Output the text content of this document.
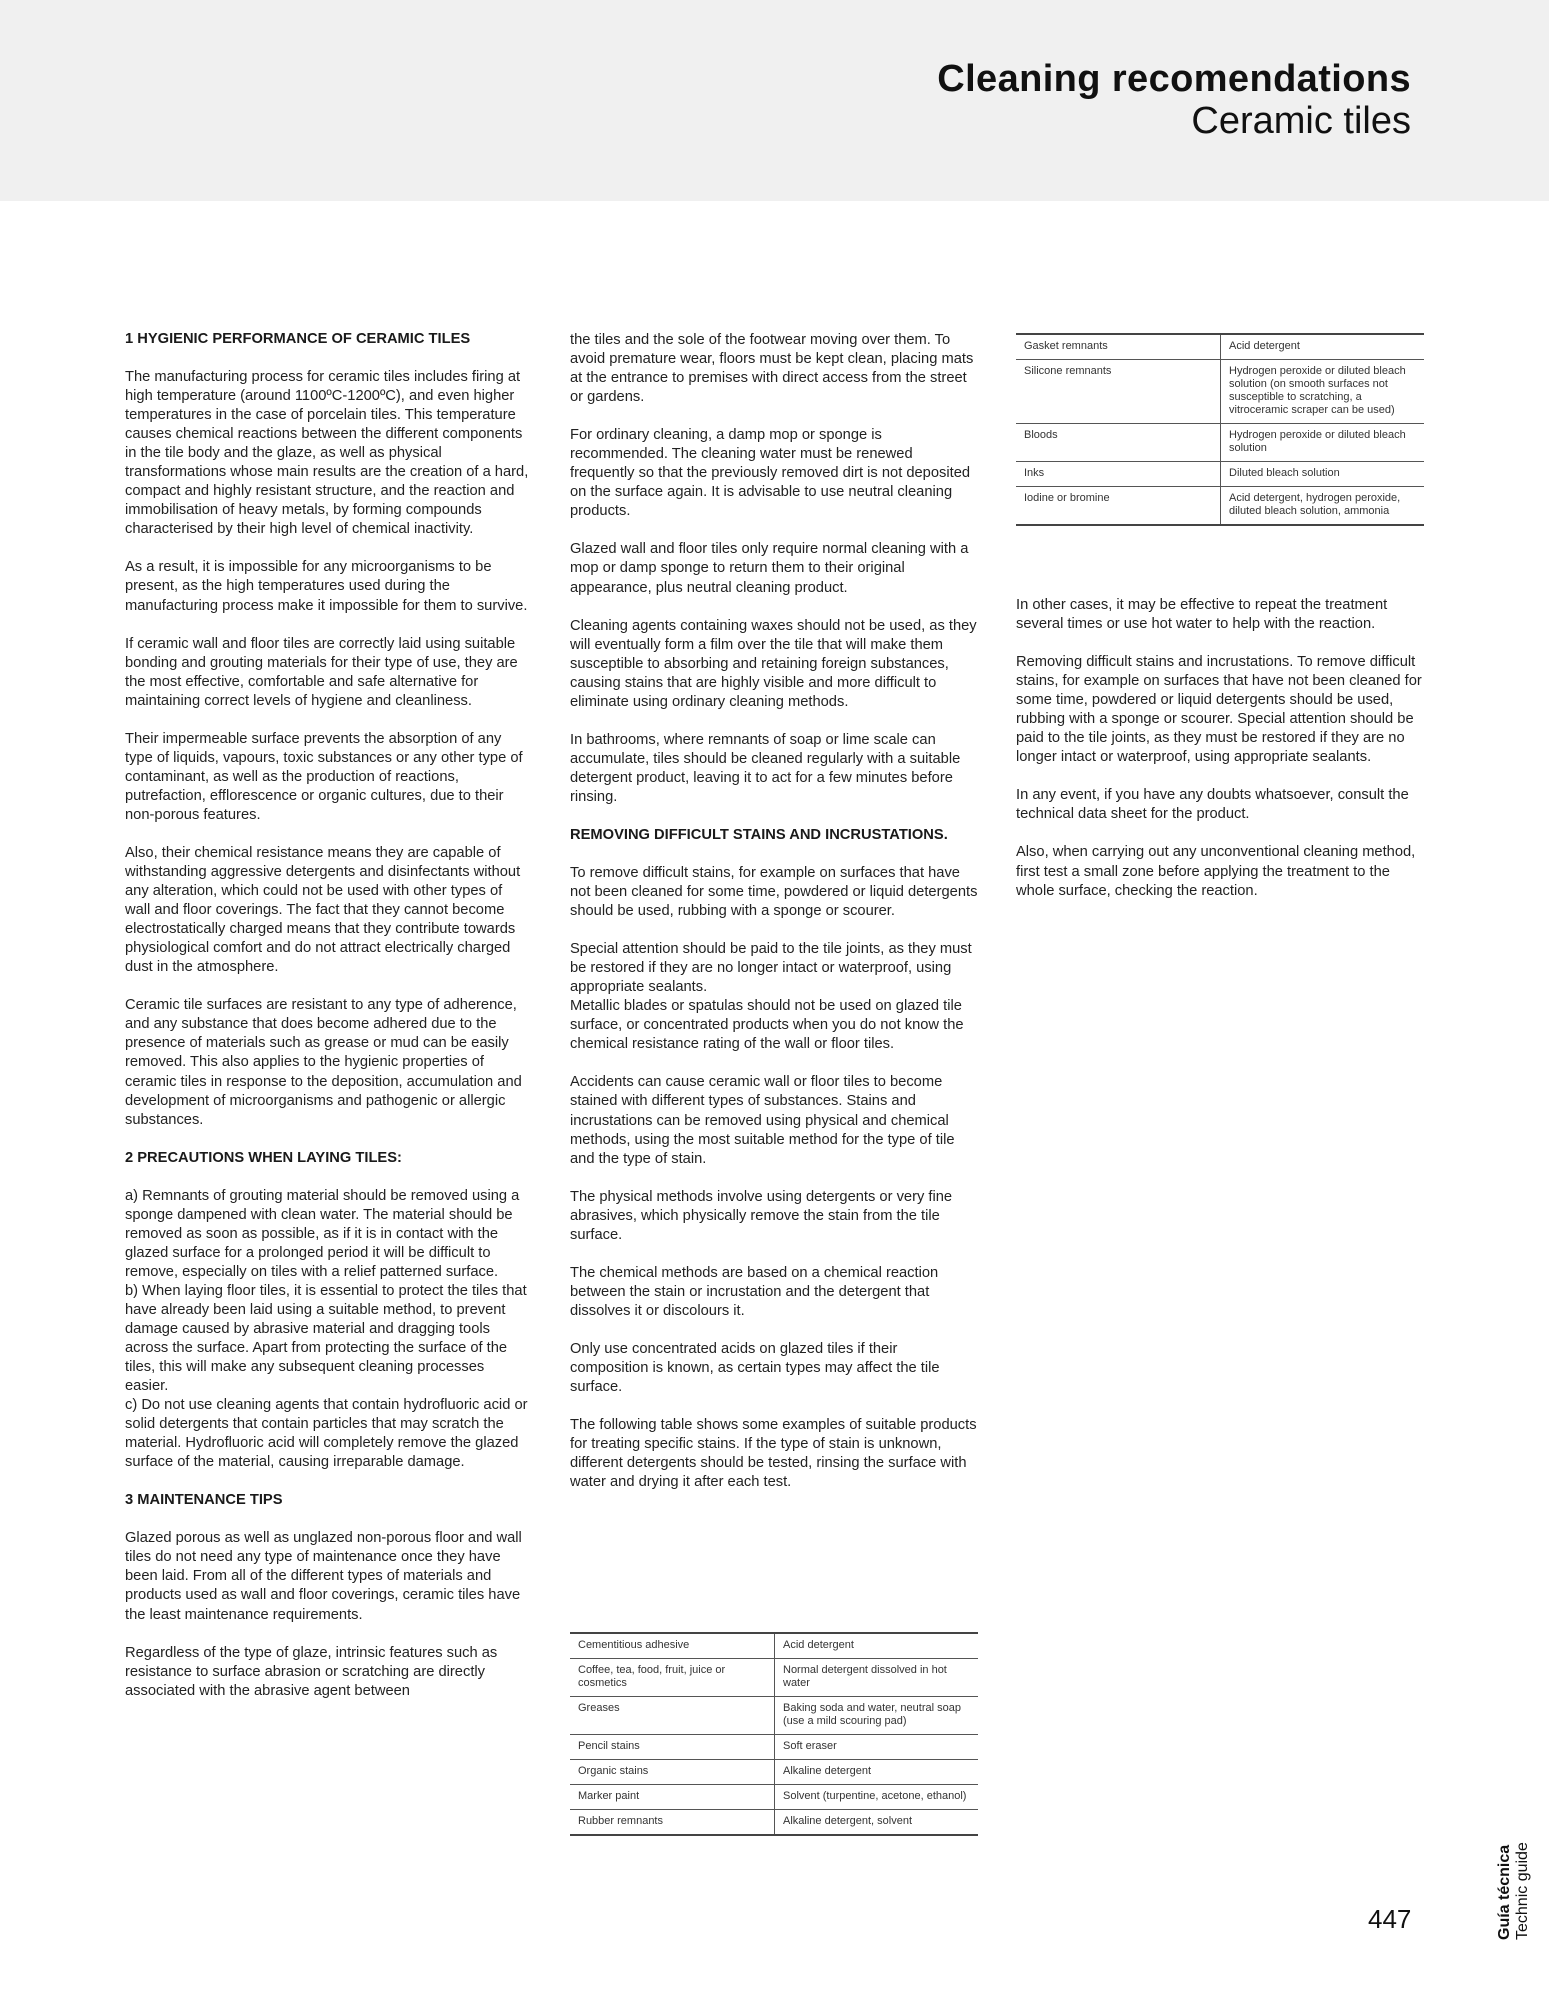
Cleaning recomendations
Ceramic tiles
1 HYGIENIC PERFORMANCE OF CERAMIC TILES

The manufacturing process for ceramic tiles includes firing at high temperature (around 1100ºC-1200ºC), and even higher temperatures in the case of porcelain tiles. This temperature causes chemical reactions between the different components in the tile body and the glaze, as well as physical transformations whose main results are the creation of a hard, compact and highly resistant structure, and the reaction and immobilisation of heavy metals, by forming compounds characterised by their high level of chemical inactivity.

As a result, it is impossible for any microorganisms to be present, as the high temperatures used during the manufacturing process make it impossible for them to survive.

If ceramic wall and floor tiles are correctly laid using suitable bonding and grouting materials for their type of use, they are the most effective, comfortable and safe alternative for maintaining correct levels of hygiene and cleanliness.

Their impermeable surface prevents the absorption of any type of liquids, vapours, toxic substances or any other type of contaminant, as well as the production of reactions, putrefaction, efflorescence or organic cultures, due to their non-porous features.

Also, their chemical resistance means they are capable of withstanding aggressive detergents and disinfectants without any alteration, which could not be used with other types of wall and floor coverings. The fact that they cannot become electrostatically charged means that they contribute towards physiological comfort and do not attract electrically charged dust in the atmosphere.

Ceramic tile surfaces are resistant to any type of adherence, and any substance that does become adhered due to the presence of materials such as grease or mud can be easily removed. This also applies to the hygienic properties of ceramic tiles in response to the deposition, accumulation and development of microorganisms and pathogenic or allergic substances.

2 PRECAUTIONS WHEN LAYING TILES:

a) Remnants of grouting material should be removed using a sponge dampened with clean water. The material should be removed as soon as possible, as if it is in contact with the glazed surface for a prolonged period it will be difficult to remove, especially on tiles with a relief patterned surface.
b) When laying floor tiles, it is essential to protect the tiles that have already been laid using a suitable method, to prevent damage caused by abrasive material and dragging tools across the surface. Apart from protecting the surface of the tiles, this will make any subsequent cleaning processes easier.
c) Do not use cleaning agents that contain hydrofluoric acid or solid detergents that contain particles that may scratch the material. Hydrofluoric acid will completely remove the glazed surface of the material, causing irreparable damage.

3 MAINTENANCE TIPS

Glazed porous as well as unglazed non-porous floor and wall tiles do not need any type of maintenance once they have been laid. From all of the different types of materials and products used as wall and floor coverings, ceramic tiles have the least maintenance requirements.

Regardless of the type of glaze, intrinsic features such as resistance to surface abrasion or scratching are directly associated with the abrasive agent between

the tiles and the sole of the footwear moving over them. To avoid premature wear, floors must be kept clean, placing mats at the entrance to premises with direct access from the street or gardens.

For ordinary cleaning, a damp mop or sponge is recommended. The cleaning water must be renewed frequently so that the previously removed dirt is not deposited on the surface again. It is advisable to use neutral cleaning products.

Glazed wall and floor tiles only require normal cleaning with a mop or damp sponge to return them to their original appearance, plus neutral cleaning product.

Cleaning agents containing waxes should not be used, as they will eventually form a film over the tile that will make them susceptible to absorbing and retaining foreign substances, causing stains that are highly visible and more difficult to eliminate using ordinary cleaning methods.

In bathrooms, where remnants of soap or lime scale can accumulate, tiles should be cleaned regularly with a suitable detergent product, leaving it to act for a few minutes before rinsing.

REMOVING DIFFICULT STAINS AND INCRUSTATIONS.

To remove difficult stains, for example on surfaces that have not been cleaned for some time, powdered or liquid detergents should be used, rubbing with a sponge or scourer.

Special attention should be paid to the tile joints, as they must be restored if they are no longer intact or waterproof, using appropriate sealants.
Metallic blades or spatulas should not be used on glazed tile surface, or concentrated products when you do not know the chemical resistance rating of the wall or floor tiles.

Accidents can cause ceramic wall or floor tiles to become stained with different types of substances. Stains and incrustations can be removed using physical and chemical methods, using the most suitable method for the type of tile and the type of stain.

The physical methods involve using detergents or very fine abrasives, which physically remove the stain from the tile surface.

The chemical methods are based on a chemical reaction between the stain or incrustation and the detergent that dissolves it or discolours it.

Only use concentrated acids on glazed tiles if their composition is known, as certain types may affect the tile surface.

The following table shows some examples of suitable products for treating specific stains. If the type of stain is unknown, different detergents should be tested, rinsing the surface with water and drying it after each test.

Cementitious adhesive	Acid detergent
Coffee, tea, food, fruit, juice or cosmetics	Normal detergent dissolved in hot water
Greases	Baking soda and water, neutral soap (use a mild scouring pad)
Pencil stains	Soft eraser
Organic stains	Alkaline detergent
Marker paint	Solvent (turpentine, acetone, ethanol)
Rubber remnants	Alkaline detergent, solvent
Gasket remnants	Acid detergent
Silicone remnants	Hydrogen peroxide or diluted bleach solution (on smooth surfaces not susceptible to scratching, a vitroceramic scraper can be used)
Bloods	Hydrogen peroxide or diluted bleach solution
Inks	Diluted bleach solution
Iodine or bromine	Acid detergent, hydrogen peroxide, diluted bleach solution, ammonia

In other cases, it may be effective to repeat the treatment several times or use hot water to help with the reaction.

Removing difficult stains and incrustations. To remove difficult stains, for example on surfaces that have not been cleaned for some time, powdered or liquid detergents should be used, rubbing with a sponge or scourer. Special attention should be paid to the tile joints, as they must be restored if they are no longer intact or waterproof, using appropriate sealants.

In any event, if you have any doubts whatsoever, consult the technical data sheet for the product.

Also, when carrying out any unconventional cleaning method, first test a small zone before applying the treatment to the whole surface, checking the reaction.

447	Guía técnica Technic guide
